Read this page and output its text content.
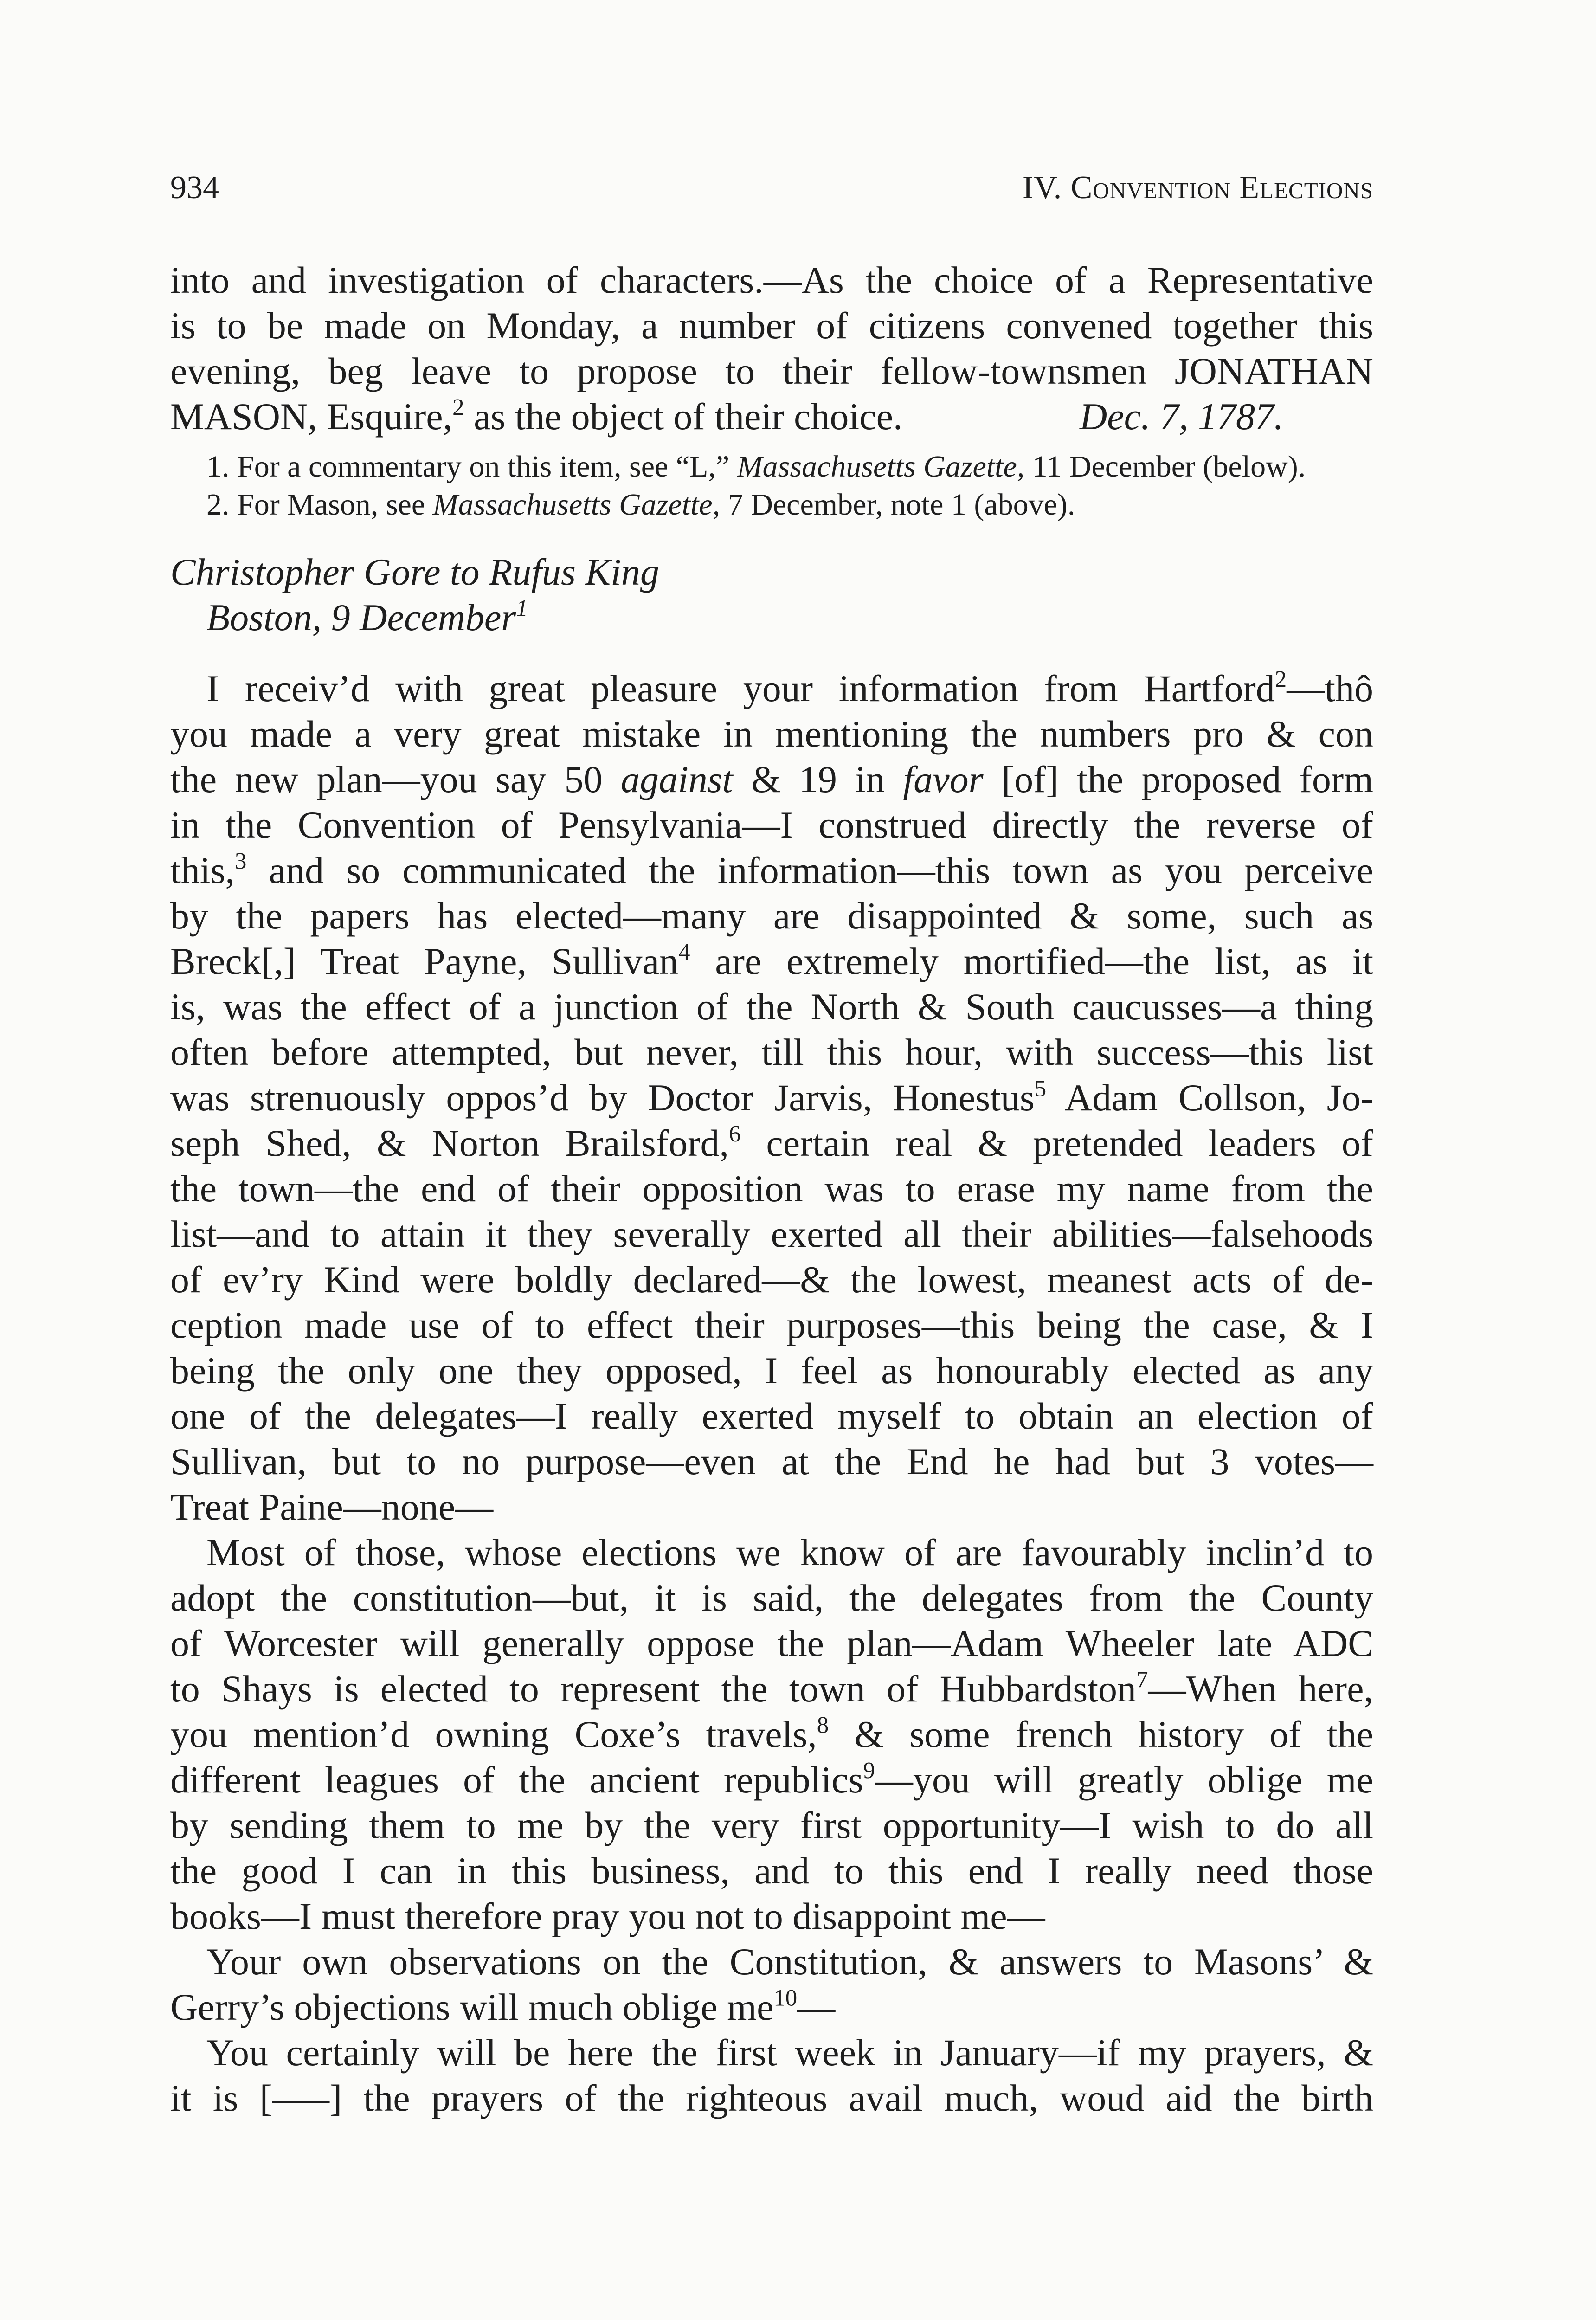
934	IV. Convention Elections
into and investigation of characters.—As the choice of a Representative
is to be made on Monday, a number of citizens convened together this
evening, beg leave to propose to their fellow-townsmen JONATHAN
MASON, Esquire,$^2$ as the object of their choice.	Dec. 7, 1787.
1. For a commentary on this item, see “L,” Massachusetts Gazette, 11 December (below).
2. For Mason, see Massachusetts Gazette, 7 December, note 1 (above).
Christopher Gore to Rufus King
Boston, 9 December$^1$
I receiv’d with great pleasure your information from Hartford$^2$—thô
you made a very great mistake in mentioning the numbers pro & con
the new plan—you say 50 against & 19 in favor [of] the proposed form
in the Convention of Pensylvania—I construed directly the reverse of
this,$^3$ and so communicated the information—this town as you perceive
by the papers has elected—many are disappointed & some, such as
Breck[,] Treat Payne, Sullivan$^4$ are extremely mortified—the list, as it
is, was the effect of a junction of the North & South caucusses—a thing
often before attempted, but never, till this hour, with success—this list
was strenuously oppos’d by Doctor Jarvis, Honestus$^5$ Adam Collson, Jo-
seph Shed, & Norton Brailsford,$^6$ certain real & pretended leaders of
the town—the end of their opposition was to erase my name from the
list—and to attain it they severally exerted all their abilities—falsehoods
of ev’ry Kind were boldly declared—& the lowest, meanest acts of de-
ception made use of to effect their purposes—this being the case, & I
being the only one they opposed, I feel as honourably elected as any
one of the delegates—I really exerted myself to obtain an election of
Sullivan, but to no purpose—even at the End he had but 3 votes—
Treat Paine—none—
Most of those, whose elections we know of are favourably inclin’d to
adopt the constitution—but, it is said, the delegates from the County
of Worcester will generally oppose the plan—Adam Wheeler late ADC
to Shays is elected to represent the town of Hubbardston$^7$—When here,
you mention’d owning Coxe’s travels,$^8$ & some french history of the
different leagues of the ancient republics$^9$—you will greatly oblige me
by sending them to me by the very first opportunity—I wish to do all
the good I can in this business, and to this end I really need those
books—I must therefore pray you not to disappoint me—
Your own observations on the Constitution, & answers to Masons’ &
Gerry’s objections will much oblige $me^{10}—$
You certainly will be here the first week in January—if my prayers, &
it is [–––] the prayers of the righteous avail much, woud aid the birth
